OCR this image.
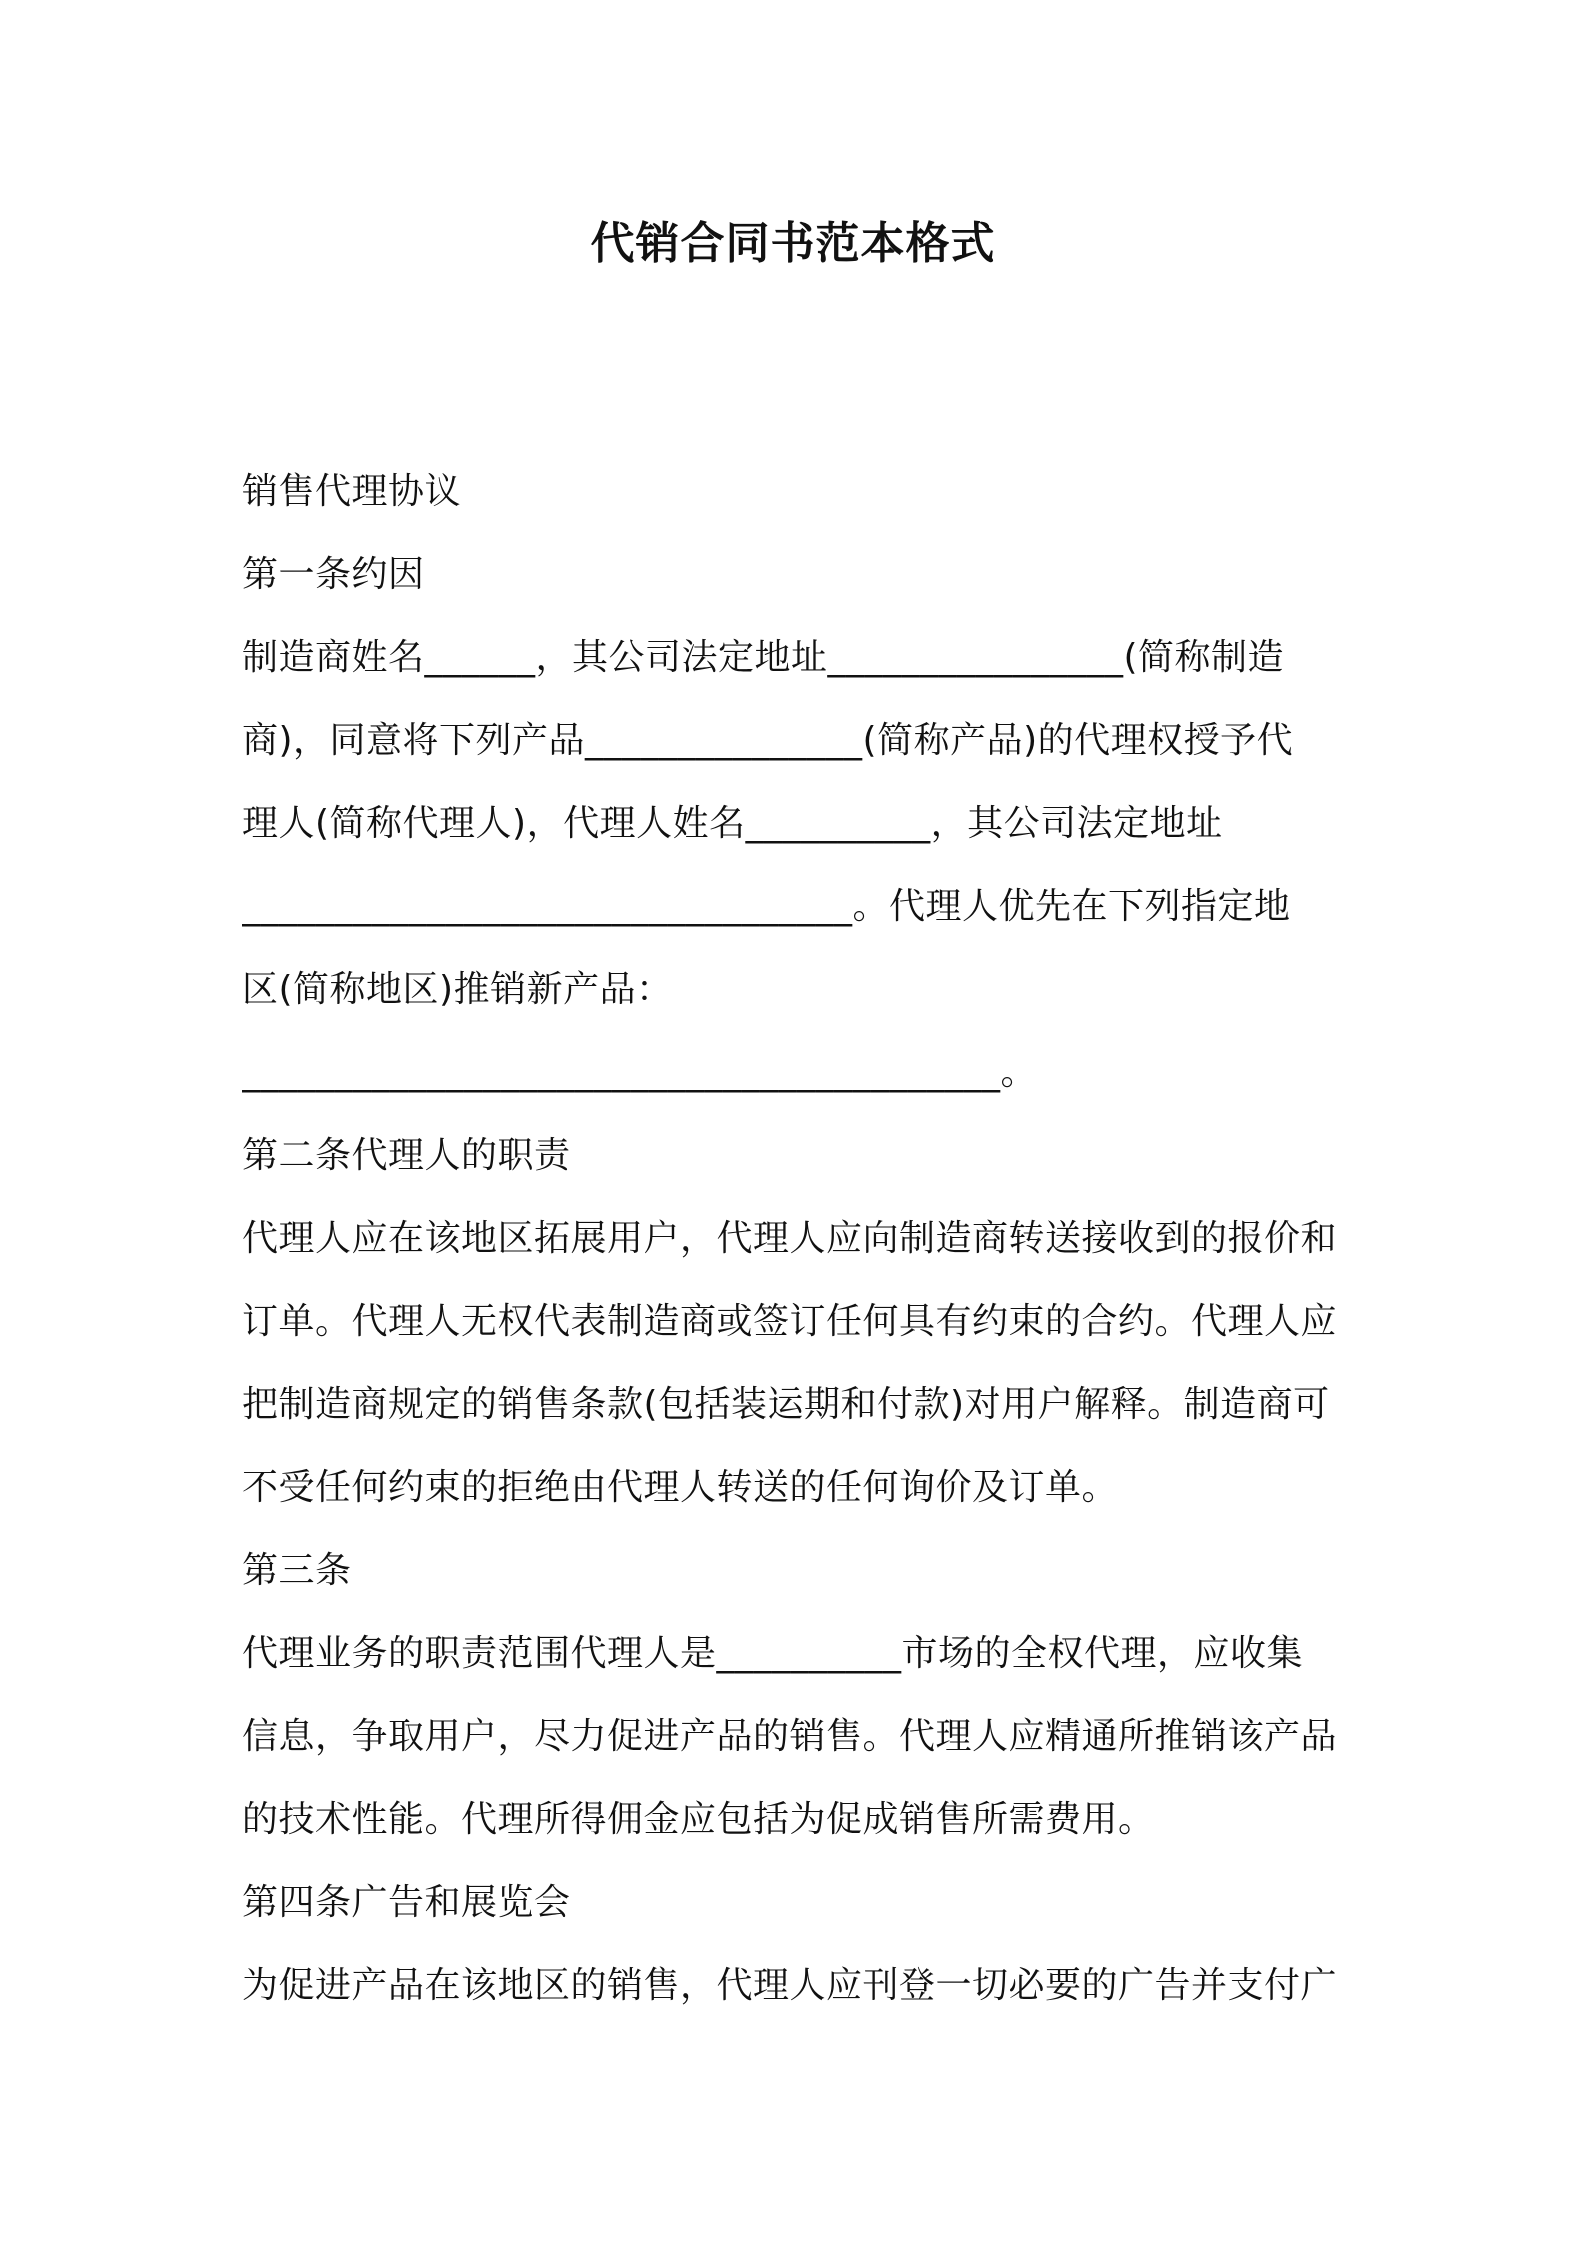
代销合同书范本格式
销售代理协议
第一条约因
制造商姓名______，其公司法定地址________________(简称制造
商)，同意将下列产品_______________(简称产品)的代理权授予代
理人(简称代理人)，代理人姓名__________，其公司法定地址
_________________________________。代理人优先在下列指定地
区(简称地区)推销新产品：
_________________________________________。
第二条代理人的职责
代理人应在该地区拓展用户，代理人应向制造商转送接收到的报价和
订单。代理人无权代表制造商或签订任何具有约束的合约。代理人应
把制造商规定的销售条款(包括装运期和付款)对用户解释。制造商可
不受任何约束的拒绝由代理人转送的任何询价及订单。
第三条
代理业务的职责范围代理人是__________市场的全权代理，应收集
信息，争取用户，尽力促进产品的销售。代理人应精通所推销该产品
的技术性能。代理所得佣金应包括为促成销售所需费用。
第四条广告和展览会
为促进产品在该地区的销售，代理人应刊登一切必要的广告并支付广
